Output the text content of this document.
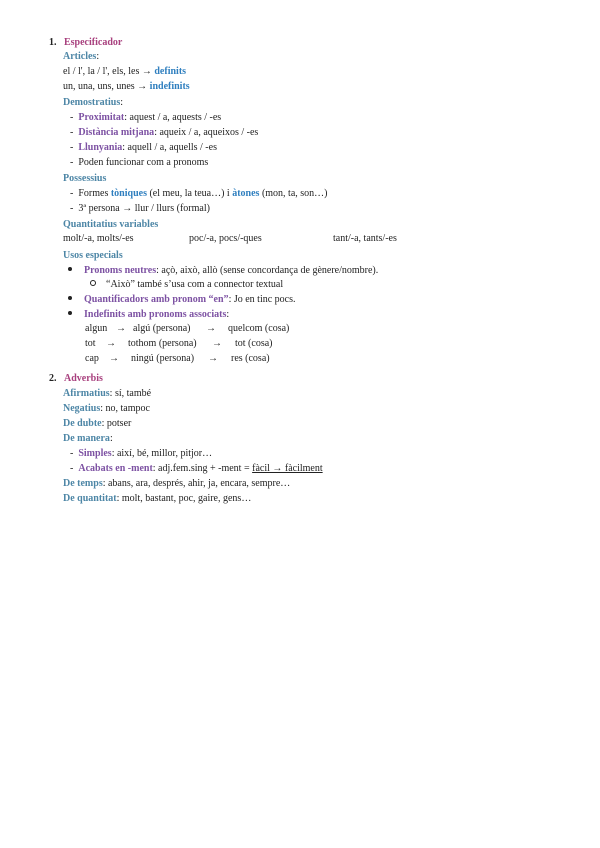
1. Especificador
Articles:
el / l', la / l', els, les → definits
un, una, uns, unes → indefinits
Demostratius:
- Proximitat: aquest / a, aquests / -es
- Distància mitjana: aqueix / a, aqueixos / -es
- Llunyania: aquell / a, aquells / -es
- Poden funcionar com a pronoms
Possessius
-  Formes tòniques (el meu, la teua…) i àtones (mon, ta, son…)
-  3ª persona → llur / llurs (formal)
Quantitatius variables
molt/-a, molts/-es	poc/-a, pocs/-ques	tant/-a, tants/-es
Usos especials
Pronoms neutres: açò, això, allò (sense concordança de gènere/nombre).
“Això” també s’usa com a connector textual
Quantificadors amb pronom “en”: Jo en tinc pocs.
Indefinits amb pronoms associats:
algun → algú (persona) → quelcom (cosa)
tot → tothom (persona) → tot (cosa)
cap → ningú (persona) → res (cosa)
2. Adverbis
Afirmatius: sí, també
Negatius: no, tampoc
De dubte: potser
De manera:
-  Simples: així, bé, millor, pitjor…
-  Acabats en -ment: adj.fem.sing + -ment = fàcil → fàcilment
De temps: abans, ara, després, ahir, ja, encara, sempre…
De quantitat: molt, bastant, poc, gaire, gens…
